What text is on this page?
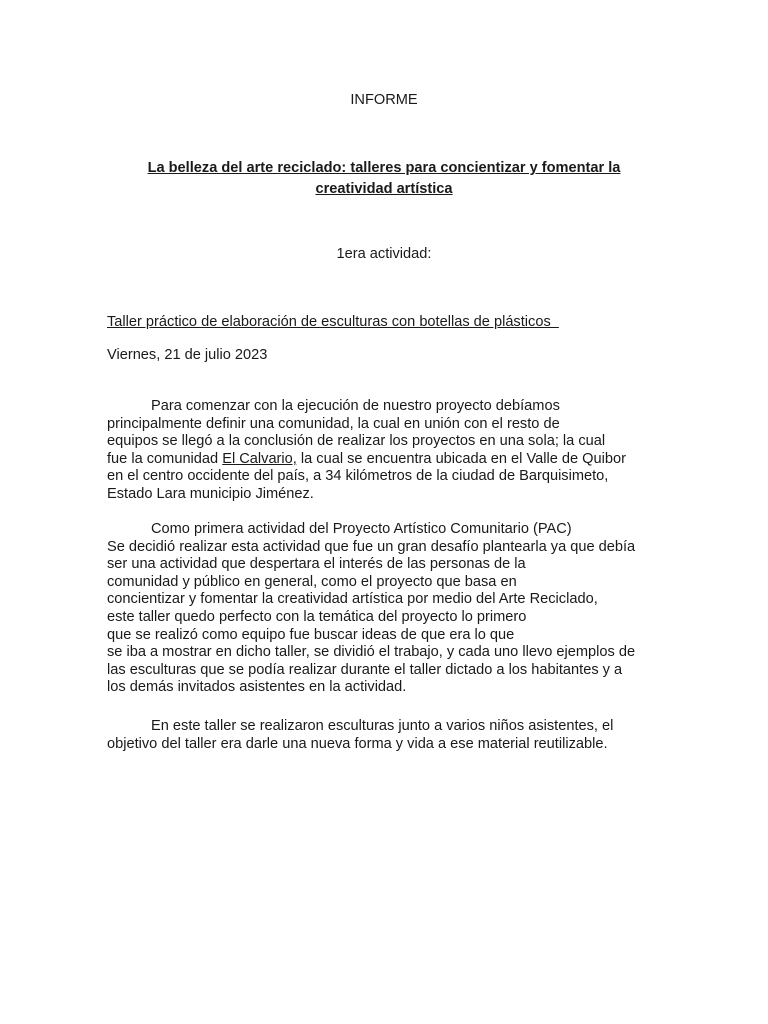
INFORME
La belleza del arte reciclado: talleres para concientizar y fomentar la
creatividad artística
1era actividad:
Taller práctico de elaboración de esculturas con botellas de plásticos
Viernes, 21 de julio 2023
Para comenzar con la ejecución de nuestro proyecto debíamos
principalmente definir una comunidad, la cual en unión con el resto de
equipos se llegó a la conclusión de realizar los proyectos en una sola; la cual
fue la comunidad El Calvario, la cual se encuentra ubicada en el Valle de Quibor
en el centro occidente del país, a 34 kilómetros de la ciudad de Barquisimeto,
Estado Lara municipio Jiménez.
Como primera actividad del Proyecto Artístico Comunitario (PAC)
Se decidió realizar esta actividad que fue un gran desafío plantearla ya que debía
ser una actividad que despertara el interés de las personas de la
comunidad y público en general, como el proyecto que basa en
concientizar y fomentar la creatividad artística por medio del Arte Reciclado,
este taller quedo perfecto con la temática del proyecto lo primero
que se realizó como equipo fue buscar ideas de que era lo que
se iba a mostrar en dicho taller, se dividió el trabajo, y cada uno llevo ejemplos de
las esculturas que se podía realizar durante el taller dictado a los habitantes y a
los demás invitados asistentes en la actividad.
En este taller se realizaron esculturas junto a varios niños asistentes, el
objetivo del taller era darle una nueva forma y vida a ese material reutilizable.
